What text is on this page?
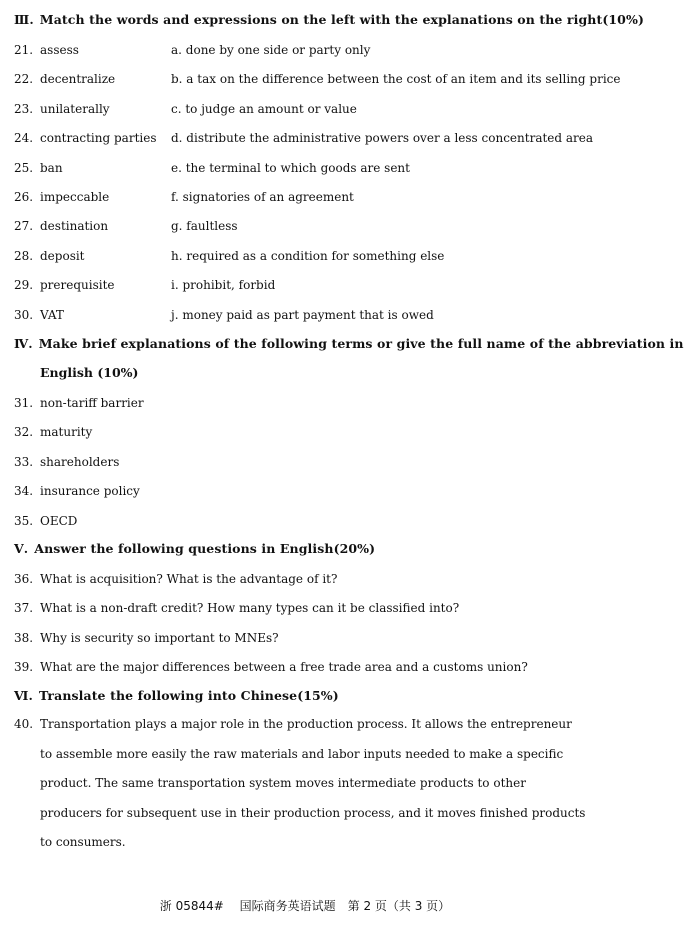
Ⅲ. Match the words and expressions on the left with the explanations on the right(10%)
21. assess	a. done by one side or party only
22. decentralize	b. a tax on the difference between the cost of an item and its selling price
23. unilaterally	c. to judge an amount or value
24. contracting parties d. distribute the administrative powers over a less concentrated area
25. ban	e. the terminal to which goods are sent
26. impeccable	f. signatories of an agreement
27. destination	g. faultless
28. deposit	h. required as a condition for something else
29. prerequisite	i. prohibit, forbid
30. VAT	j. money paid as part payment that is owed
Ⅳ. Make brief explanations of the following terms or give the full name of the abbreviation in
English (10%)
31. non-tariff barrier
32. maturity
33. shareholders
34. insurance policy
35. OECD
Ⅴ. Answer the following questions in English(20%)
36. What is acquisition? What is the advantage of it?
37. What is a non-draft credit? How many types can it be classified into?
38. Why is security so important to MNEs?
39. What are the major differences between a free trade area and a customs union?
Ⅵ. Translate the following into Chinese(15%)
40. Transportation plays a major role in the production process. It allows the entrepreneur
to assemble more easily the raw materials and labor inputs needed to make a specific
product. The same transportation system moves intermediate products to other
producers for subsequent use in their production process, and it moves finished products
to consumers.
浙 05844#　 国际商务英语试题　第 2 页（共 3 页）
